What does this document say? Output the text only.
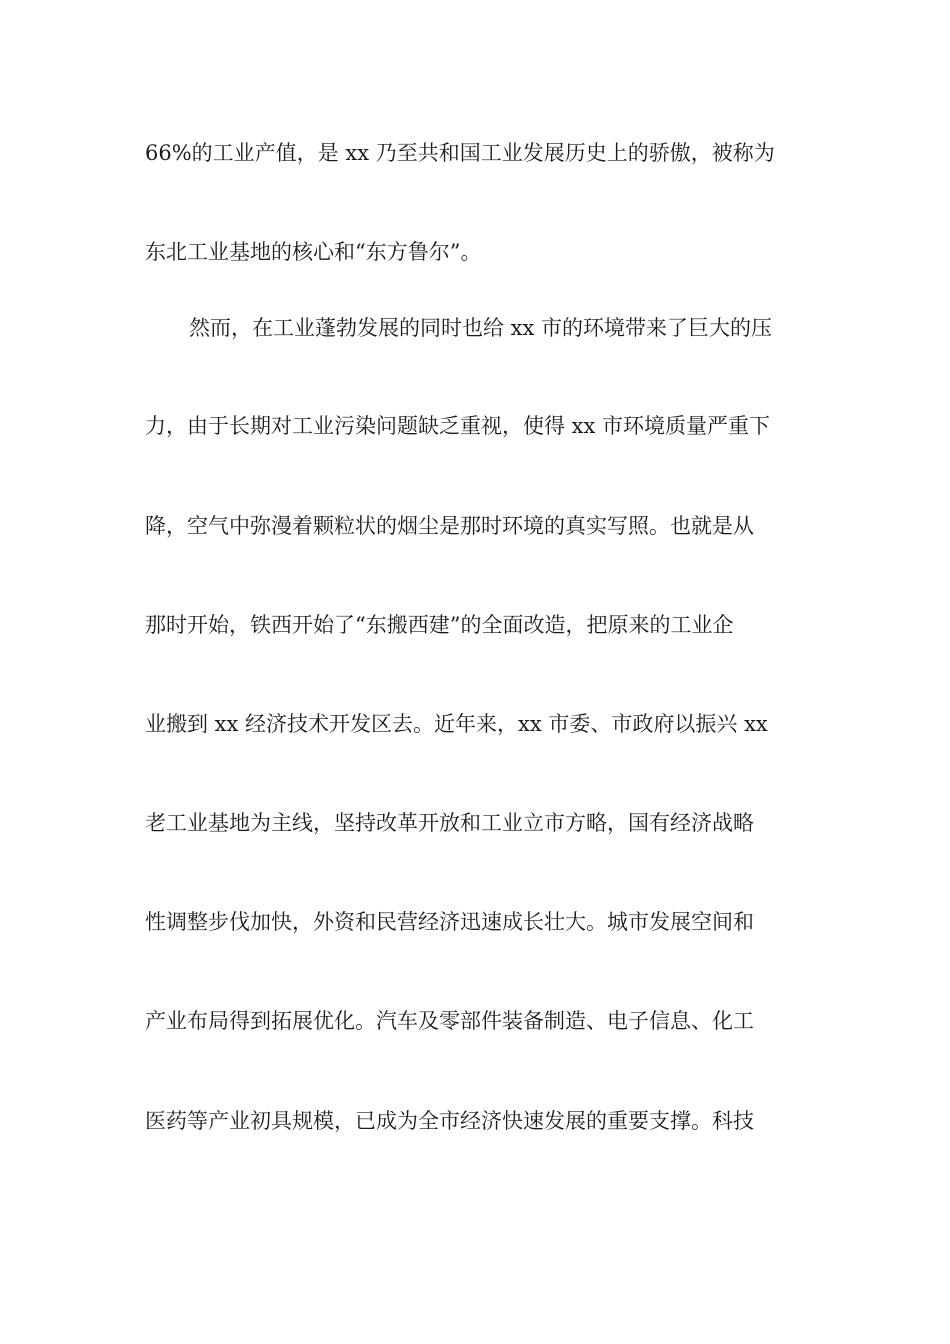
66%的工业产值，是 xx 乃至共和国工业发展历史上的骄傲，被称为
东北工业基地的核心和“东方鲁尔”。
然而，在工业蓬勃发展的同时也给 xx 市的环境带来了巨大的压
力，由于长期对工业污染问题缺乏重视，使得 xx 市环境质量严重下
降，空气中弥漫着颗粒状的烟尘是那时环境的真实写照。也就是从
那时开始，铁西开始了“东搬西建”的全面改造，把原来的工业企
业搬到 xx 经济技术开发区去。近年来，xx 市委、市政府以振兴 xx
老工业基地为主线，坚持改革开放和工业立市方略，国有经济战略
性调整步伐加快，外资和民营经济迅速成长壮大。城市发展空间和
产业布局得到拓展优化。汽车及零部件装备制造、电子信息、化工
医药等产业初具规模，已成为全市经济快速发展的重要支撑。科技
